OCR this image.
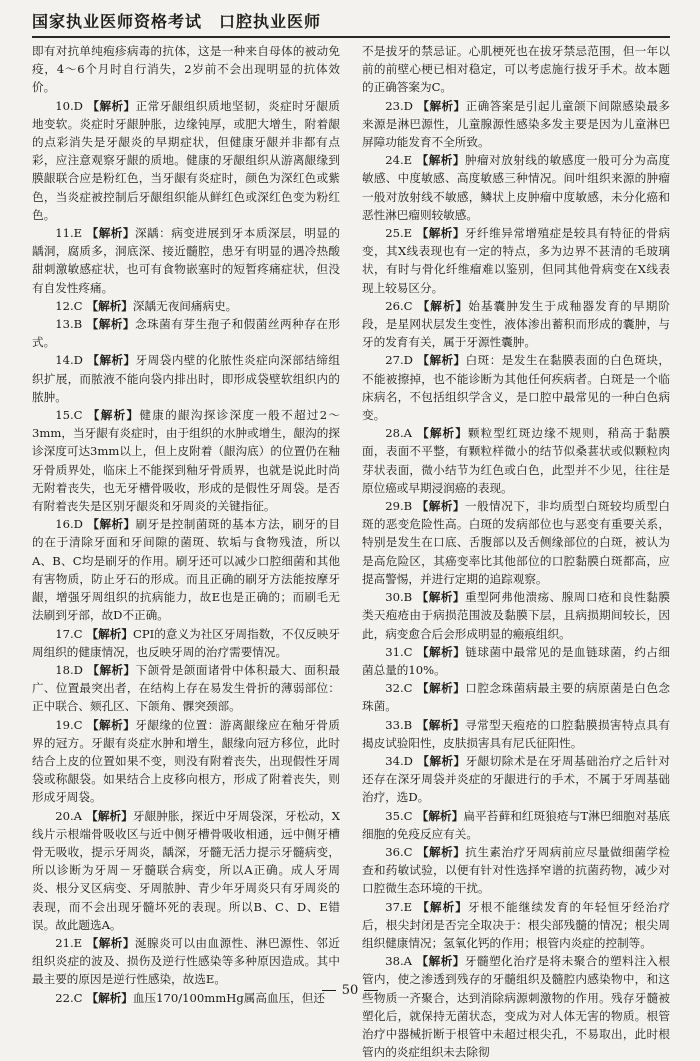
国家执业医师资格考试　口腔执业医师

即有对抗单纯疱疹病毒的抗体，这是一种来自母体的被动免疫，4～6个月时自行消失，2岁前不会出现明显的抗体效价。

10.D 【解析】正常牙龈组织质地坚韧，炎症时牙龈质地变软。炎症时牙龈肿胀，边缘钝厚，或肥大增生，附着龈的点彩消失是牙龈炎的早期症状，但健康牙龈并非都有点彩，应注意观察牙龈的质地。健康的牙龈组织从游离龈缘到膜龈联合应是粉红色，当牙龈有炎症时，颜色为深红色或紫色，当炎症被控制后牙龈组织能从鲜红色或深红色变为粉红色。

11.E 【解析】深龋：病变进展到牙本质深层，明显的龋洞，腐质多，洞底深、接近髓腔，患牙有明显的遇冷热酸甜刺激敏感症状，也可有食物嵌塞时的短暂疼痛症状，但没有自发性疼痛。

12.C 【解析】深龋无夜间痛病史。

13.B 【解析】念珠菌有芽生孢子和假菌丝两种存在形式。

14.D 【解析】牙周袋内壁的化脓性炎症向深部结缔组织扩展，而脓液不能向袋内排出时，即形成袋壁软组织内的脓肿。

15.C 【解析】健康的龈沟探诊深度一般不超过2～3mm，当牙龈有炎症时，由于组织的水肿或增生，龈沟的探诊深度可达3mm以上，但上皮附着（龈沟底）的位置仍在釉牙骨质界处，临床上不能探到釉牙骨质界，也就是说此时尚无附着丧失，也无牙槽骨吸收，形成的是假性牙周袋。是否有附着丧失是区别牙龈炎和牙周炎的关键指征。

16.D 【解析】刷牙是控制菌斑的基本方法，刷牙的目的在于清除牙面和牙间隙的菌斑、软垢与食物残渣，所以A、B、C均是刷牙的作用。刷牙还可以减少口腔细菌和其他有害物质，防止牙石的形成。而且正确的刷牙方法能按摩牙龈，增强牙周组织的抗病能力，故E也是正确的；而刷毛无法刷到牙部，故D不正确。

17.C 【解析】CPI的意义为社区牙周指数，不仅反映牙周组织的健康情况，也反映牙周的治疗需要情况。

18.D 【解析】下颌骨是颌面诸骨中体积最大、面积最广、位置最突出者，在结构上存在易发生骨折的薄弱部位：正中联合、颏孔区、下颌角、髁突颈部。

19.C 【解析】牙龈缘的位置：游离龈缘应在釉牙骨质界的冠方。牙龈有炎症水肿和增生，龈缘向冠方移位，此时结合上皮的位置如果不变，则没有附着丧失，出现假性牙周袋或称龈袋。如果结合上皮移向根方，形成了附着丧失，则形成牙周袋。

20.A 【解析】牙龈肿胀，探近中牙周袋深，牙松动，X线片示根端骨吸收区与近中侧牙槽骨吸收相通，远中侧牙槽骨无吸收，提示牙周炎，龋深，牙髓无活力提示牙髓病变，所以诊断为牙周－牙髓联合病变，所以A正确。成人牙周炎、根分叉区病变、牙周脓肿、青少年牙周炎只有牙周炎的表现，而不会出现牙髓坏死的表现。所以B、C、D、E错误。故此题选A。

21.E 【解析】涎腺炎可以由血源性、淋巴源性、邻近组织炎症的波及、损伤及逆行性感染等多种原因造成。其中最主要的原因是逆行性感染，故选E。

22.C 【解析】血压170/100mmHg属高血压，但还

不是拔牙的禁忌证。心肌梗死也在拔牙禁忌范围，但一年以前的前壁心梗已相对稳定，可以考虑施行拔牙手术。故本题的正确答案为C。

23.D 【解析】正确答案是引起儿童颌下间隙感染最多来源是淋巴源性，儿童腺源性感染多发主要是因为儿童淋巴屏障功能发育不全所致。

24.E 【解析】肿瘤对放射线的敏感度一般可分为高度敏感、中度敏感、高度敏感三种情况。间叶组织来源的肿瘤一般对放射线不敏感，鳞状上皮肿瘤中度敏感，未分化癌和恶性淋巴瘤则较敏感。

25.E 【解析】牙纤维异常增殖症是较具有特征的骨病变，其X线表现也有一定的特点，多为边界不甚清的毛玻璃状，有时与骨化纤维瘤难以鉴别，但同其他骨病变在X线表现上较易区分。

26.C 【解析】始基囊肿发生于成釉器发育的早期阶段，是星网状层发生变性，液体渗出蓄积而形成的囊肿，与牙的发育有关，属于牙源性囊肿。

27.D 【解析】白斑：是发生在黏膜表面的白色斑块，不能被擦掉，也不能诊断为其他任何疾病者。白斑是一个临床病名，不包括组织学含义，是口腔中最常见的一种白色病变。

28.A 【解析】颗粒型红斑边缘不规则，稍高于黏膜面，表面不平整，有颗粒样微小的结节似桑葚状或似颗粒肉芽状表面，微小结节为红色或白色，此型并不少见，往往是原位癌或早期浸润癌的表现。

29.B 【解析】一般情况下，非均质型白斑较均质型白斑的恶变危险性高。白斑的发病部位也与恶变有重要关系，特别是发生在口底、舌腹部以及舌侧缘部位的白斑，被认为是高危险区，其癌变率比其他部位的口腔黏膜白斑都高，应提高警惕，并进行定期的追踪观察。

30.B 【解析】重型阿弗他溃疡、腺周口疮和良性黏膜类天疱疮由于病损范围波及黏膜下层，且病损期间较长，因此，病变愈合后会形成明显的瘢痕组织。

31.C 【解析】链球菌中最常见的是血链球菌，约占细菌总量的10%。

32.C 【解析】口腔念珠菌病最主要的病原菌是白色念珠菌。

33.B 【解析】寻常型天疱疮的口腔黏膜损害特点具有揭皮试验阳性，皮肤损害具有尼氏征阳性。

34.D 【解析】牙龈切除术是在牙周基础治疗之后针对还存在深牙周袋并炎症的牙龈进行的手术，不属于牙周基础治疗，选D。

35.C 【解析】扁平苔藓和红斑狼疮与T淋巴细胞对基底细胞的免疫反应有关。

36.C 【解析】抗生素治疗牙周病前应尽量做细菌学检查和药敏试验，以便有针对性选择窄谱的抗菌药物，减少对口腔微生态环境的干扰。

37.E 【解析】牙根不能继续发育的年轻恒牙经治疗后，根尖封闭是否完全取决于：根尖部残髓的情况；根尖周组织健康情况；氢氧化钙的作用；根管内炎症的控制等。

38.A 【解析】牙髓塑化治疗是将未聚合的塑料注入根管内，使之渗透到残存的牙髓组织及髓腔内感染物中，和这些物质一齐聚合，达到消除病源刺激物的作用。残存牙髓被塑化后，就保持无菌状态，变成为对人体无害的物质。根管治疗中器械折断于根管中未超过根尖孔，不易取出，此时根管内的炎症组织未去除彻

50
